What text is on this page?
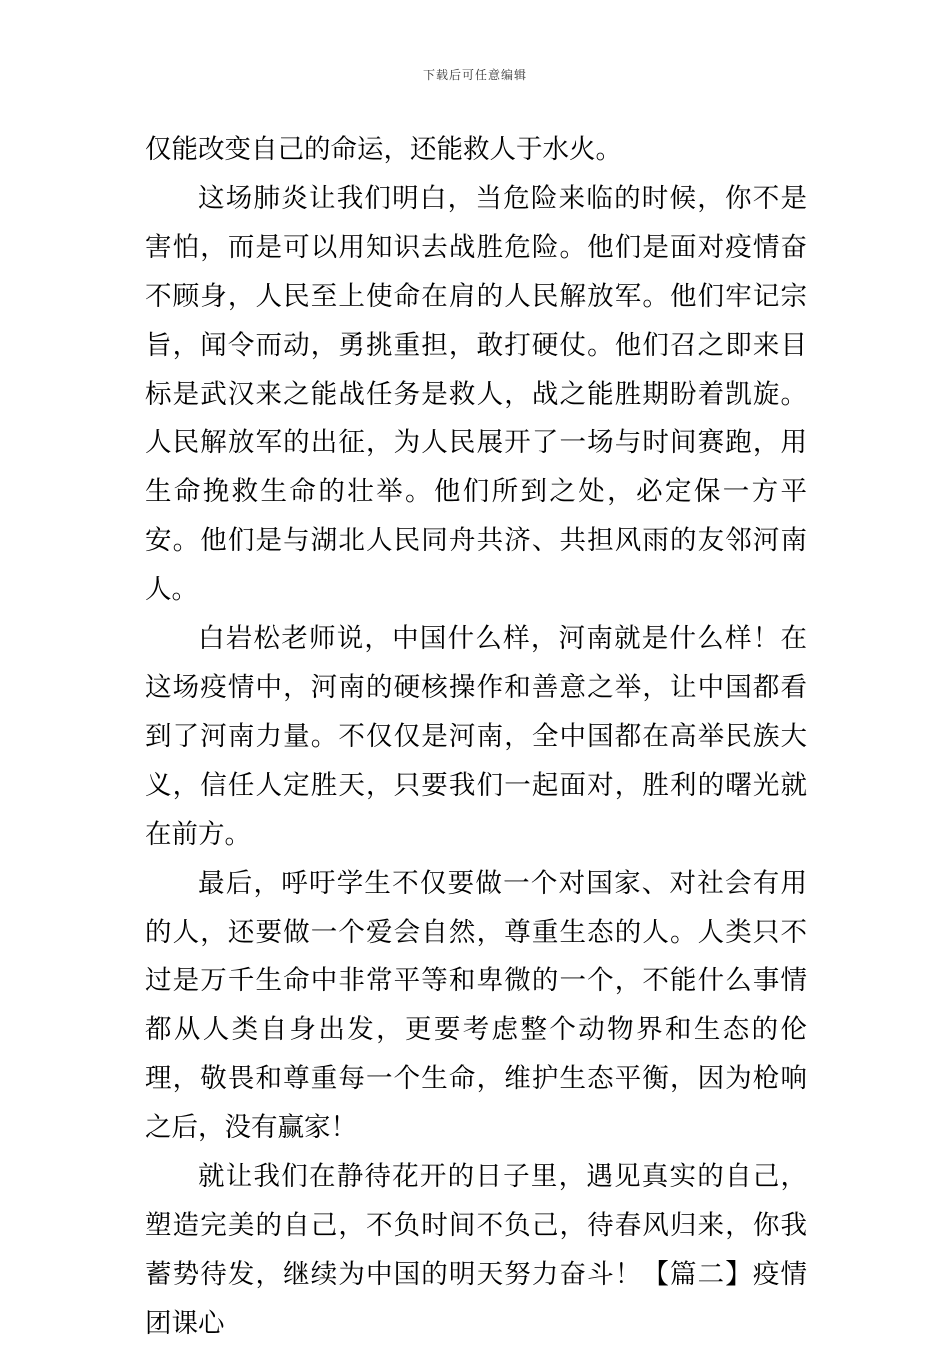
下载后可任意编辑

仅能改变自己的命运，还能救人于水火。

这场肺炎让我们明白，当危险来临的时候，你不是害怕，而是可以用知识去战胜危险。他们是面对疫情奋不顾身，人民至上使命在肩的人民解放军。他们牢记宗旨，闻令而动，勇挑重担，敢打硬仗。他们召之即来目标是武汉来之能战任务是救人，战之能胜期盼着凯旋。人民解放军的出征，为人民展开了一场与时间赛跑，用生命挽救生命的壮举。他们所到之处，必定保一方平安。他们是与湖北人民同舟共济、共担风雨的友邻河南人。

白岩松老师说，中国什么样，河南就是什么样！在这场疫情中，河南的硬核操作和善意之举，让中国都看到了河南力量。不仅仅是河南，全中国都在高举民族大义，信任人定胜天，只要我们一起面对，胜利的曙光就在前方。

最后，呼吁学生不仅要做一个对国家、对社会有用的人，还要做一个爱会自然，尊重生态的人。人类只不过是万千生命中非常平等和卑微的一个，不能什么事情都从人类自身出发，更要考虑整个动物界和生态的伦理，敬畏和尊重每一个生命，维护生态平衡，因为枪响之后，没有赢家！

就让我们在静待花开的日子里，遇见真实的自己，塑造完美的自己，不负时间不负己，待春风归来，你我蓄势待发，继续为中国的明天努力奋斗！【篇二】疫情团课心
